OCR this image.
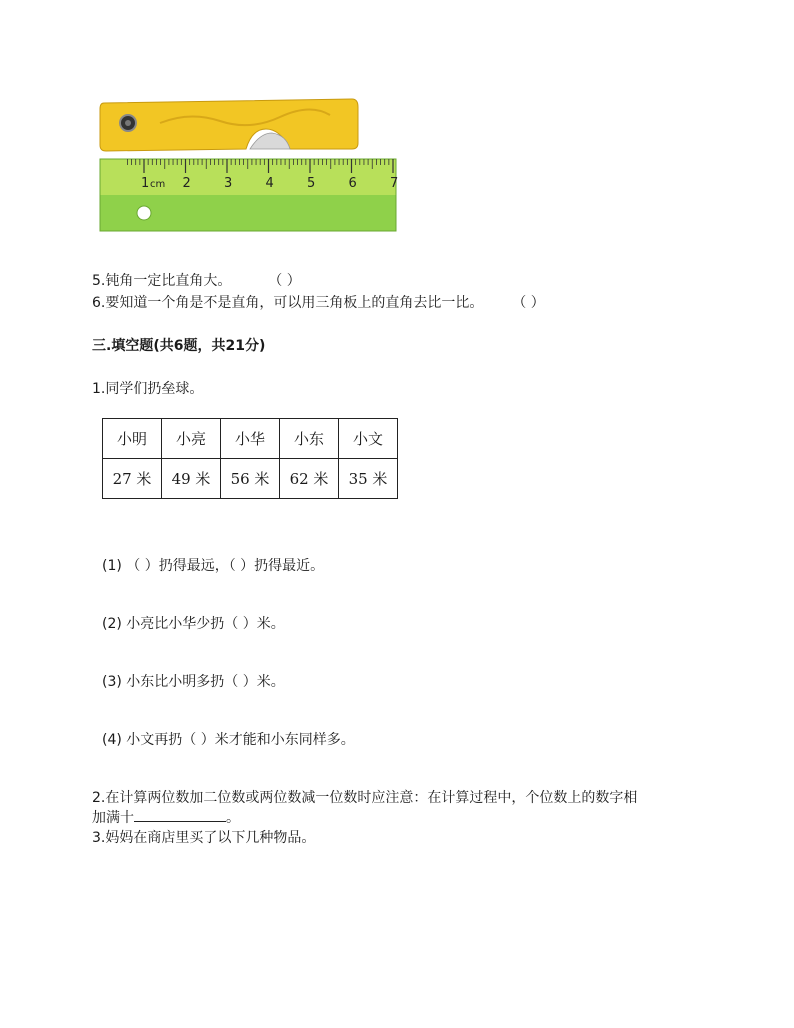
1 cm 2	3	4	5	6	7
5.钝角一定比直角大。	（ ）
6.要知道一个角是不是直角，可以用三角板上的直角去比一比。 （ ）
三.填空题(共6题，共21分)
1.同学们扔垒球。
小明	小亮	小华	小东	小文
27 米	49 米	56 米	62 米	35 米
(1) （ ）扔得最远，（ ）扔得最近。
(2) 小亮比小华少扔（ ）米。
(3) 小东比小明多扔（ ）米。
(4) 小文再扔（ ）米才能和小东同样多。
2.在计算两位数加二位数或两位数减一位数时应注意：在计算过程中，个位数上的数字相
加满十	。
3.妈妈在商店里买了以下几种物品。
